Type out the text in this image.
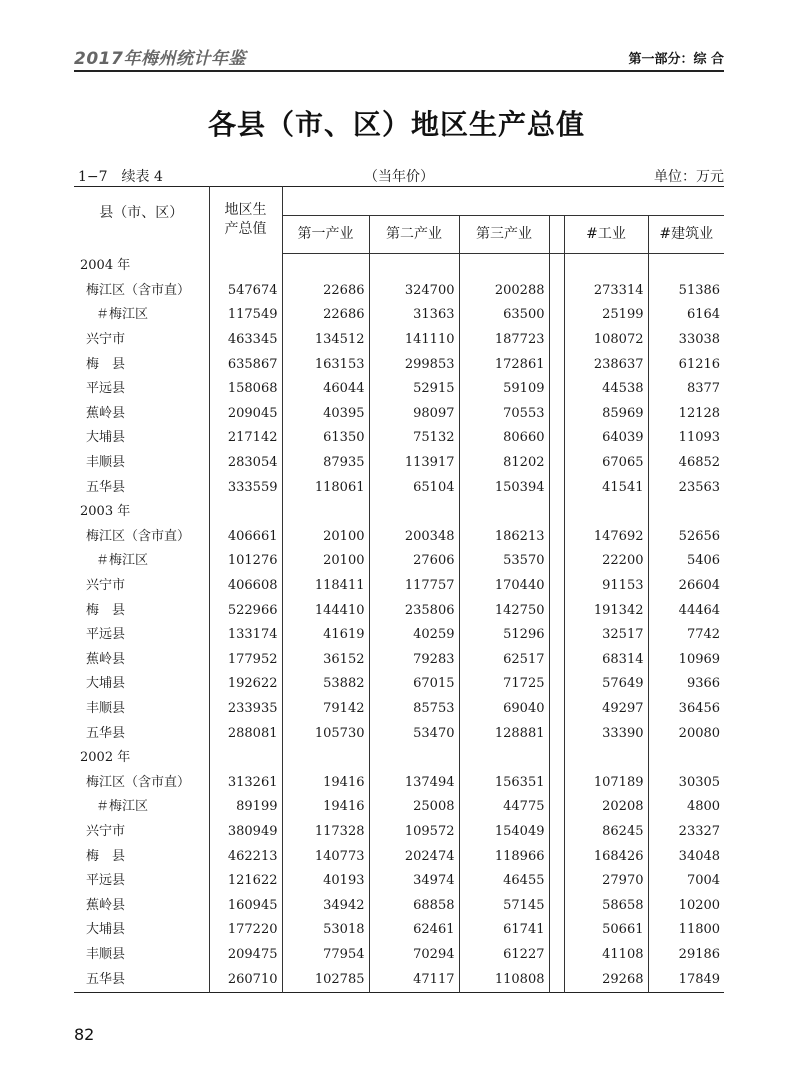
2017年梅州统计年鉴	第一部分：综 合
各县（市、区）地区生产总值
1−7　续表 4	（当年价）	单位：万元
县（市、区）	地区生
产总值						
		第一产业	第二产业	第三产业		#工业	#建筑业
2004 年							
梅江区（含市直）	547674	22686	324700	200288		273314	51386
＃梅江区	117549	22686	31363	63500		25199	6164
兴宁市	463345	134512	141110	187723		108072	33038
梅　县	635867	163153	299853	172861		238637	61216
平远县	158068	46044	52915	59109		44538	8377
蕉岭县	209045	40395	98097	70553		85969	12128
大埔县	217142	61350	75132	80660		64039	11093
丰顺县	283054	87935	113917	81202		67065	46852
五华县	333559	118061	65104	150394		41541	23563
2003 年							
梅江区（含市直）	406661	20100	200348	186213		147692	52656
＃梅江区	101276	20100	27606	53570		22200	5406
兴宁市	406608	118411	117757	170440		91153	26604
梅　县	522966	144410	235806	142750		191342	44464
平远县	133174	41619	40259	51296		32517	7742
蕉岭县	177952	36152	79283	62517		68314	10969
大埔县	192622	53882	67015	71725		57649	9366
丰顺县	233935	79142	85753	69040		49297	36456
五华县	288081	105730	53470	128881		33390	20080
2002 年							
梅江区（含市直）	313261	19416	137494	156351		107189	30305
＃梅江区	89199	19416	25008	44775		20208	4800
兴宁市	380949	117328	109572	154049		86245	23327
梅　县	462213	140773	202474	118966		168426	34048
平远县	121622	40193	34974	46455		27970	7004
蕉岭县	160945	34942	68858	57145		58658	10200
大埔县	177220	53018	62461	61741		50661	11800
丰顺县	209475	77954	70294	61227		41108	29186
五华县	260710	102785	47117	110808		29268	17849
82
